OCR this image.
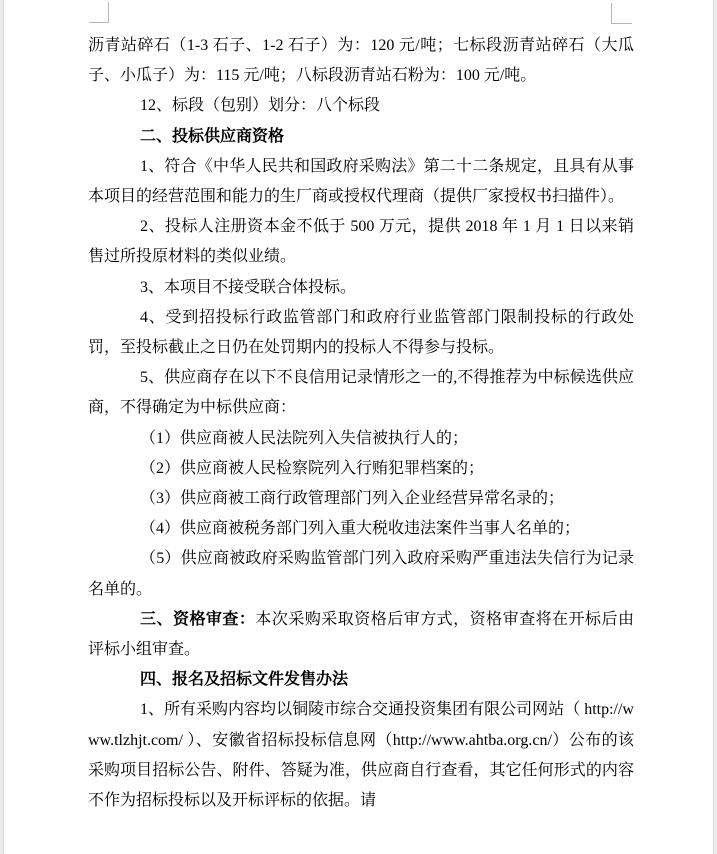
沥青站碎石（1-3 石子、1-2 石子）为：120 元/吨；七标段沥青站碎石（大瓜子、小瓜子）为：115 元/吨；八标段沥青站石粉为：100 元/吨。
12、标段（包别）划分：八个标段
二、投标供应商资格
1、符合《中华人民共和国政府采购法》第二十二条规定，且具有从事本项目的经营范围和能力的生厂商或授权代理商（提供厂家授权书扫描件）。
2、投标人注册资本金不低于 500 万元，提供 2018 年 1 月 1 日以来销售过所投原材料的类似业绩。
3、本项目不接受联合体投标。
4、受到招投标行政监管部门和政府行业监管部门限制投标的行政处罚，至投标截止之日仍在处罚期内的投标人不得参与投标。
5、供应商存在以下不良信用记录情形之一的,不得推荐为中标候选供应商，不得确定为中标供应商：
（1）供应商被人民法院列入失信被执行人的；
（2）供应商被人民检察院列入行贿犯罪档案的；
（3）供应商被工商行政管理部门列入企业经营异常名录的；
（4）供应商被税务部门列入重大税收违法案件当事人名单的；
（5）供应商被政府采购监管部门列入政府采购严重违法失信行为记录名单的。
三、资格审查：本次采购采取资格后审方式，资格审查将在开标后由评标小组审查。
四、报名及招标文件发售办法
1、所有采购内容均以铜陵市综合交通投资集团有限公司网站（ http://www.tlzhjt.com/ ）、安徽省招标投标信息网（http://www.ahtba.org.cn/）公布的该采购项目招标公告、附件、答疑为准，供应商自行查看，其它任何形式的内容不作为招标投标以及开标评标的依据。请
